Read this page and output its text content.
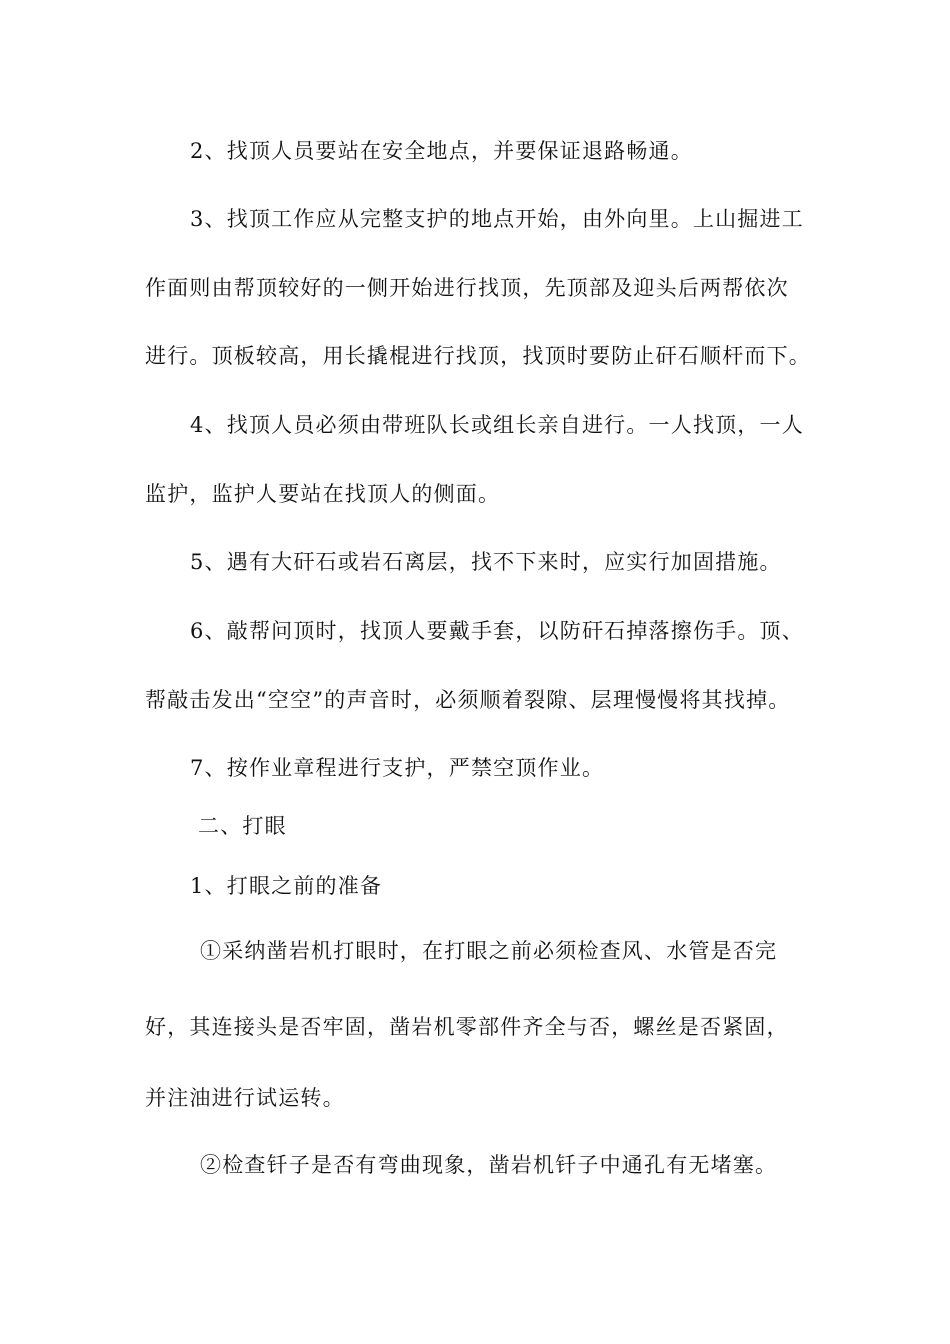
2、找顶人员要站在安全地点，并要保证退路畅通。
3、找顶工作应从完整支护的地点开始，由外向里。上山掘进工
作面则由帮顶较好的一侧开始进行找顶，先顶部及迎头后两帮依次
进行。顶板较高，用长撬棍进行找顶，找顶时要防止矸石顺杆而下。
4、找顶人员必须由带班队长或组长亲自进行。一人找顶，一人
监护，监护人要站在找顶人的侧面。
5、遇有大矸石或岩石离层，找不下来时，应实行加固措施。
6、敲帮问顶时，找顶人要戴手套，以防矸石掉落擦伤手。顶、
帮敲击发出“空空”的声音时，必须顺着裂隙、层理慢慢将其找掉。
7、按作业章程进行支护，严禁空顶作业。
二、打眼
1、打眼之前的准备
①采纳凿岩机打眼时，在打眼之前必须检查风、水管是否完
好，其连接头是否牢固，凿岩机零部件齐全与否，螺丝是否紧固，
并注油进行试运转。
②检查钎子是否有弯曲现象，凿岩机钎子中通孔有无堵塞。
